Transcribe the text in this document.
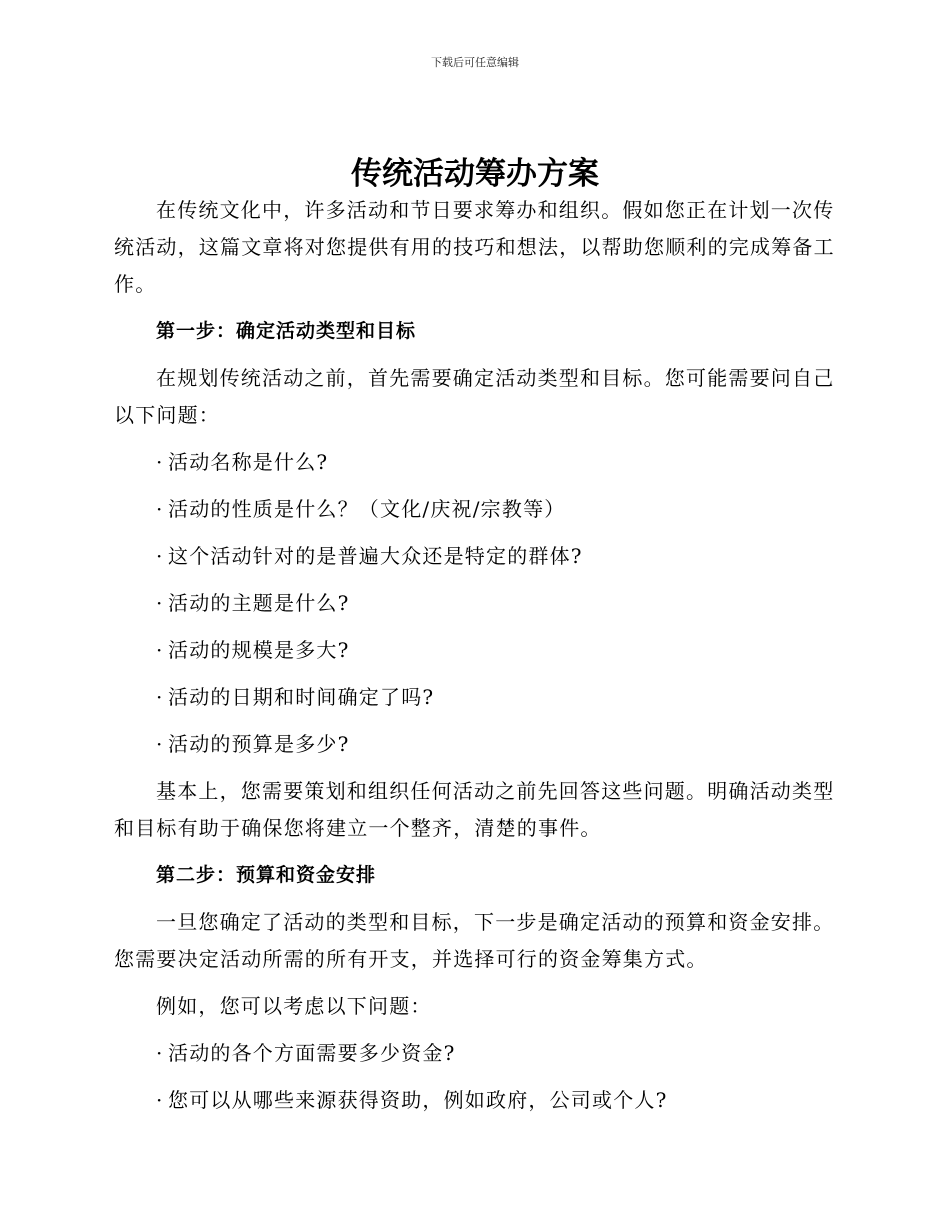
下载后可任意编辑
传统活动筹办方案

在传统文化中，许多活动和节日要求筹办和组织。假如您正在计划一次传统活动，这篇文章将对您提供有用的技巧和想法，以帮助您顺利的完成筹备工作。

第一步：确定活动类型和目标

在规划传统活动之前，首先需要确定活动类型和目标。您可能需要问自己以下问题：

· 活动名称是什么?
· 活动的性质是什么？（文化/庆祝/宗教等）
· 这个活动针对的是普遍大众还是特定的群体?
· 活动的主题是什么?
· 活动的规模是多大?
· 活动的日期和时间确定了吗?
· 活动的预算是多少?

基本上，您需要策划和组织任何活动之前先回答这些问题。明确活动类型和目标有助于确保您将建立一个整齐，清楚的事件。

第二步：预算和资金安排

一旦您确定了活动的类型和目标，下一步是确定活动的预算和资金安排。您需要决定活动所需的所有开支，并选择可行的资金筹集方式。

例如，您可以考虑以下问题：

· 活动的各个方面需要多少资金?
· 您可以从哪些来源获得资助，例如政府，公司或个人?
